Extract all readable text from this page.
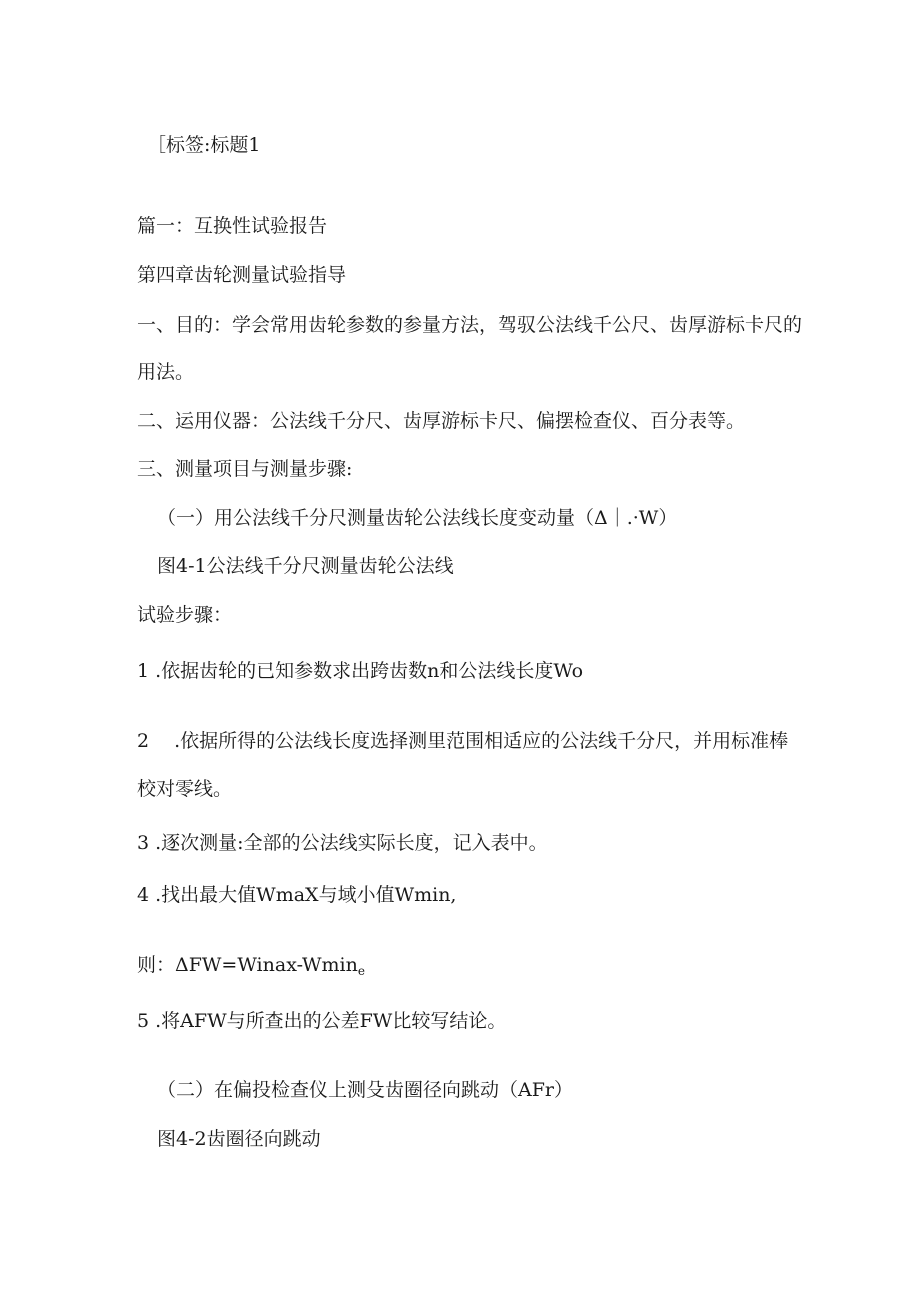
［标签:标题1
篇一：互换性试验报告
第四章齿轮测量试验指导
一、目的：学会常用齿轮参数的参量方法，驾驭公法线千公尺、齿厚游标卡尺的
用法。
二、运用仪器：公法线千分尺、齿厚游标卡尺、偏摆检查仪、百分表等。
三、测量项目与测量步骤:
（一）用公法线千分尺测量齿轮公法线长度变动量（Δ｜.·W）
图4-1公法线千分尺测量齿轮公法线
试验步骤：
1 .依据齿轮的已知参数求出跨齿数n和公法线长度Wo
2 　.依据所得的公法线长度选择测里范围相适应的公法线千分尺，并用标准棒
校对零线。
3 .逐次测量:全部的公法线实际长度，记入表中。
4 .找出最大值WmaX与域小值Wmin,
则：ΔFW=Winax-Wmin$_e$
5 .将AFW与所查出的公差FW比较写结论。
（二）在偏投检查仪上测殳齿圈径向跳动（AFr）
图4-2齿圈径向跳动
